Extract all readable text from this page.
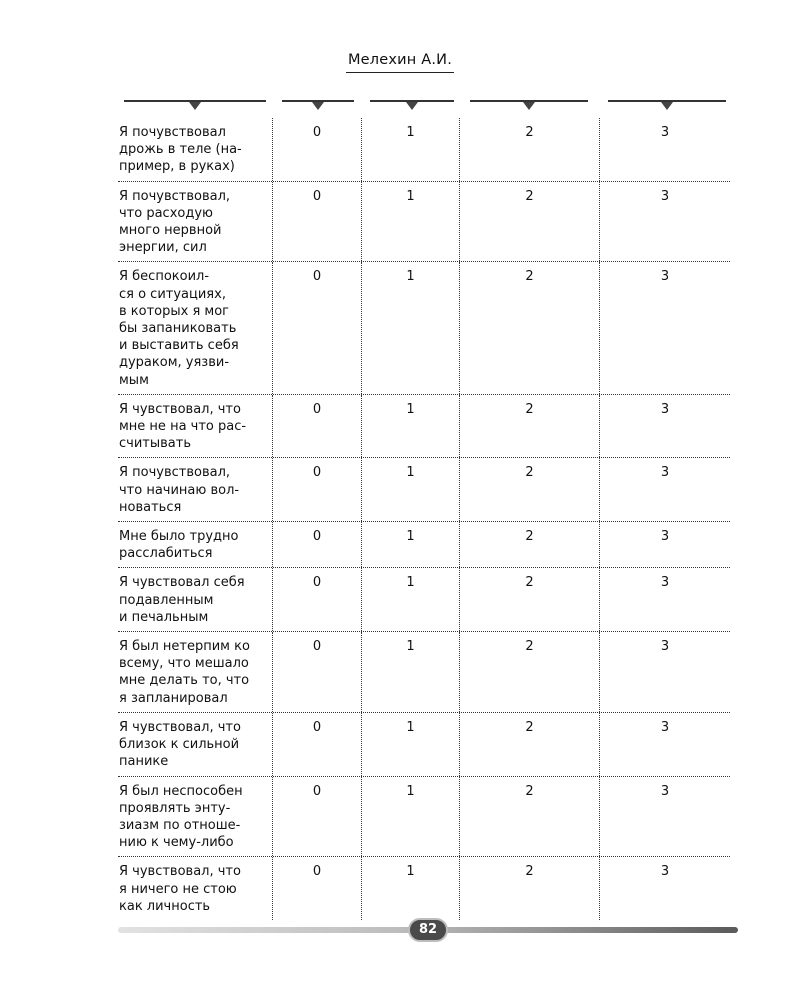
Мелехин А.И.
Я почувствовал
дрожь в теле (на-
пример, в руках)
0	1	2	3
Я почувствовал,
что расходую
много нервной
энергии, сил
0	1	2	3
Я беспокоил-
ся о ситуациях,
в которых я мог
бы запаниковать
и выставить себя
дураком, уязви-
мым
0	1	2	3
Я чувствовал, что
мне не на что рас-
считывать
0	1	2	3
Я почувствовал,
что начинаю вол-
новаться
0	1	2	3
Мне было трудно
расслабиться
0	1	2	3
Я чувствовал себя
подавленным
и печальным
0	1	2	3
Я был нетерпим ко
всему, что мешало
мне делать то, что
я запланировал
0	1	2	3
Я чувствовал, что
близок к сильной
панике
0	1	2	3
Я был неспособен
проявлять энту-
зиазм по отноше-
нию к чему-либо
0	1	2	3
Я чувствовал, что
я ничего не стою
как личность
0	1	2	3
82
